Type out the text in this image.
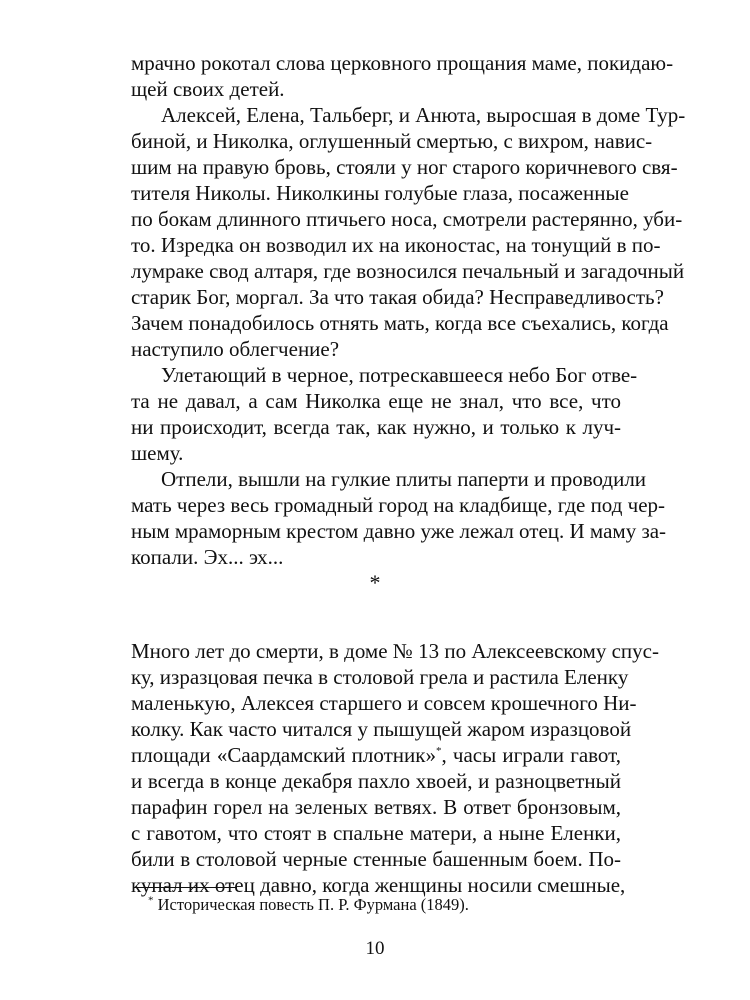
мрачно рокотал слова церковного прощания маме, покидаю-
щей своих детей.
Алексей, Елена, Тальберг, и Анюта, выросшая в доме Тур-
биной, и Николка, оглушенный смертью, с вихром, навис-
шим на правую бровь, стояли у ног старого коричневого свя-
тителя Николы. Николкины голубые глаза, посаженные
по бокам длинного птичьего носа, смотрели растерянно, уби-
то. Изредка он возводил их на иконостас, на тонущий в по-
лумраке свод алтаря, где возносился печальный и загадочный
старик Бог, моргал. За что такая обида? Несправедливость?
Зачем понадобилось отнять мать, когда все съехались, когда
наступило облегчение?
Улетающий в черное, потрескавшееся небо Бог отве-
та не давал, а сам Николка еще не знал, что все, что
ни происходит, всегда так, как нужно, и только к луч-
шему.
Отпели, вышли на гулкие плиты паперти и проводили
мать через весь громадный город на кладбище, где под чер-
ным мраморным крестом давно уже лежал отец. И маму за-
копали. Эх... эх...
*
Много лет до смерти, в доме № 13 по Алексеевскому спус-
ку, изразцовая печка в столовой грела и растила Еленку
маленькую, Алексея старшего и совсем крошечного Ни-
колку. Как часто читался у пышущей жаром изразцовой
площади «Саардамский плотник»*, часы играли гавот,
и всегда в конце декабря пахло хвоей, и разноцветный
парафин горел на зеленых ветвях. В ответ бронзовым,
с гавотом, что стоят в спальне матери, а ныне Еленки,
били в столовой черные стенные башенным боем. По-
купал их отец давно, когда женщины носили смешные,
* Историческая повесть П. Р. Фурмана (1849).
10
